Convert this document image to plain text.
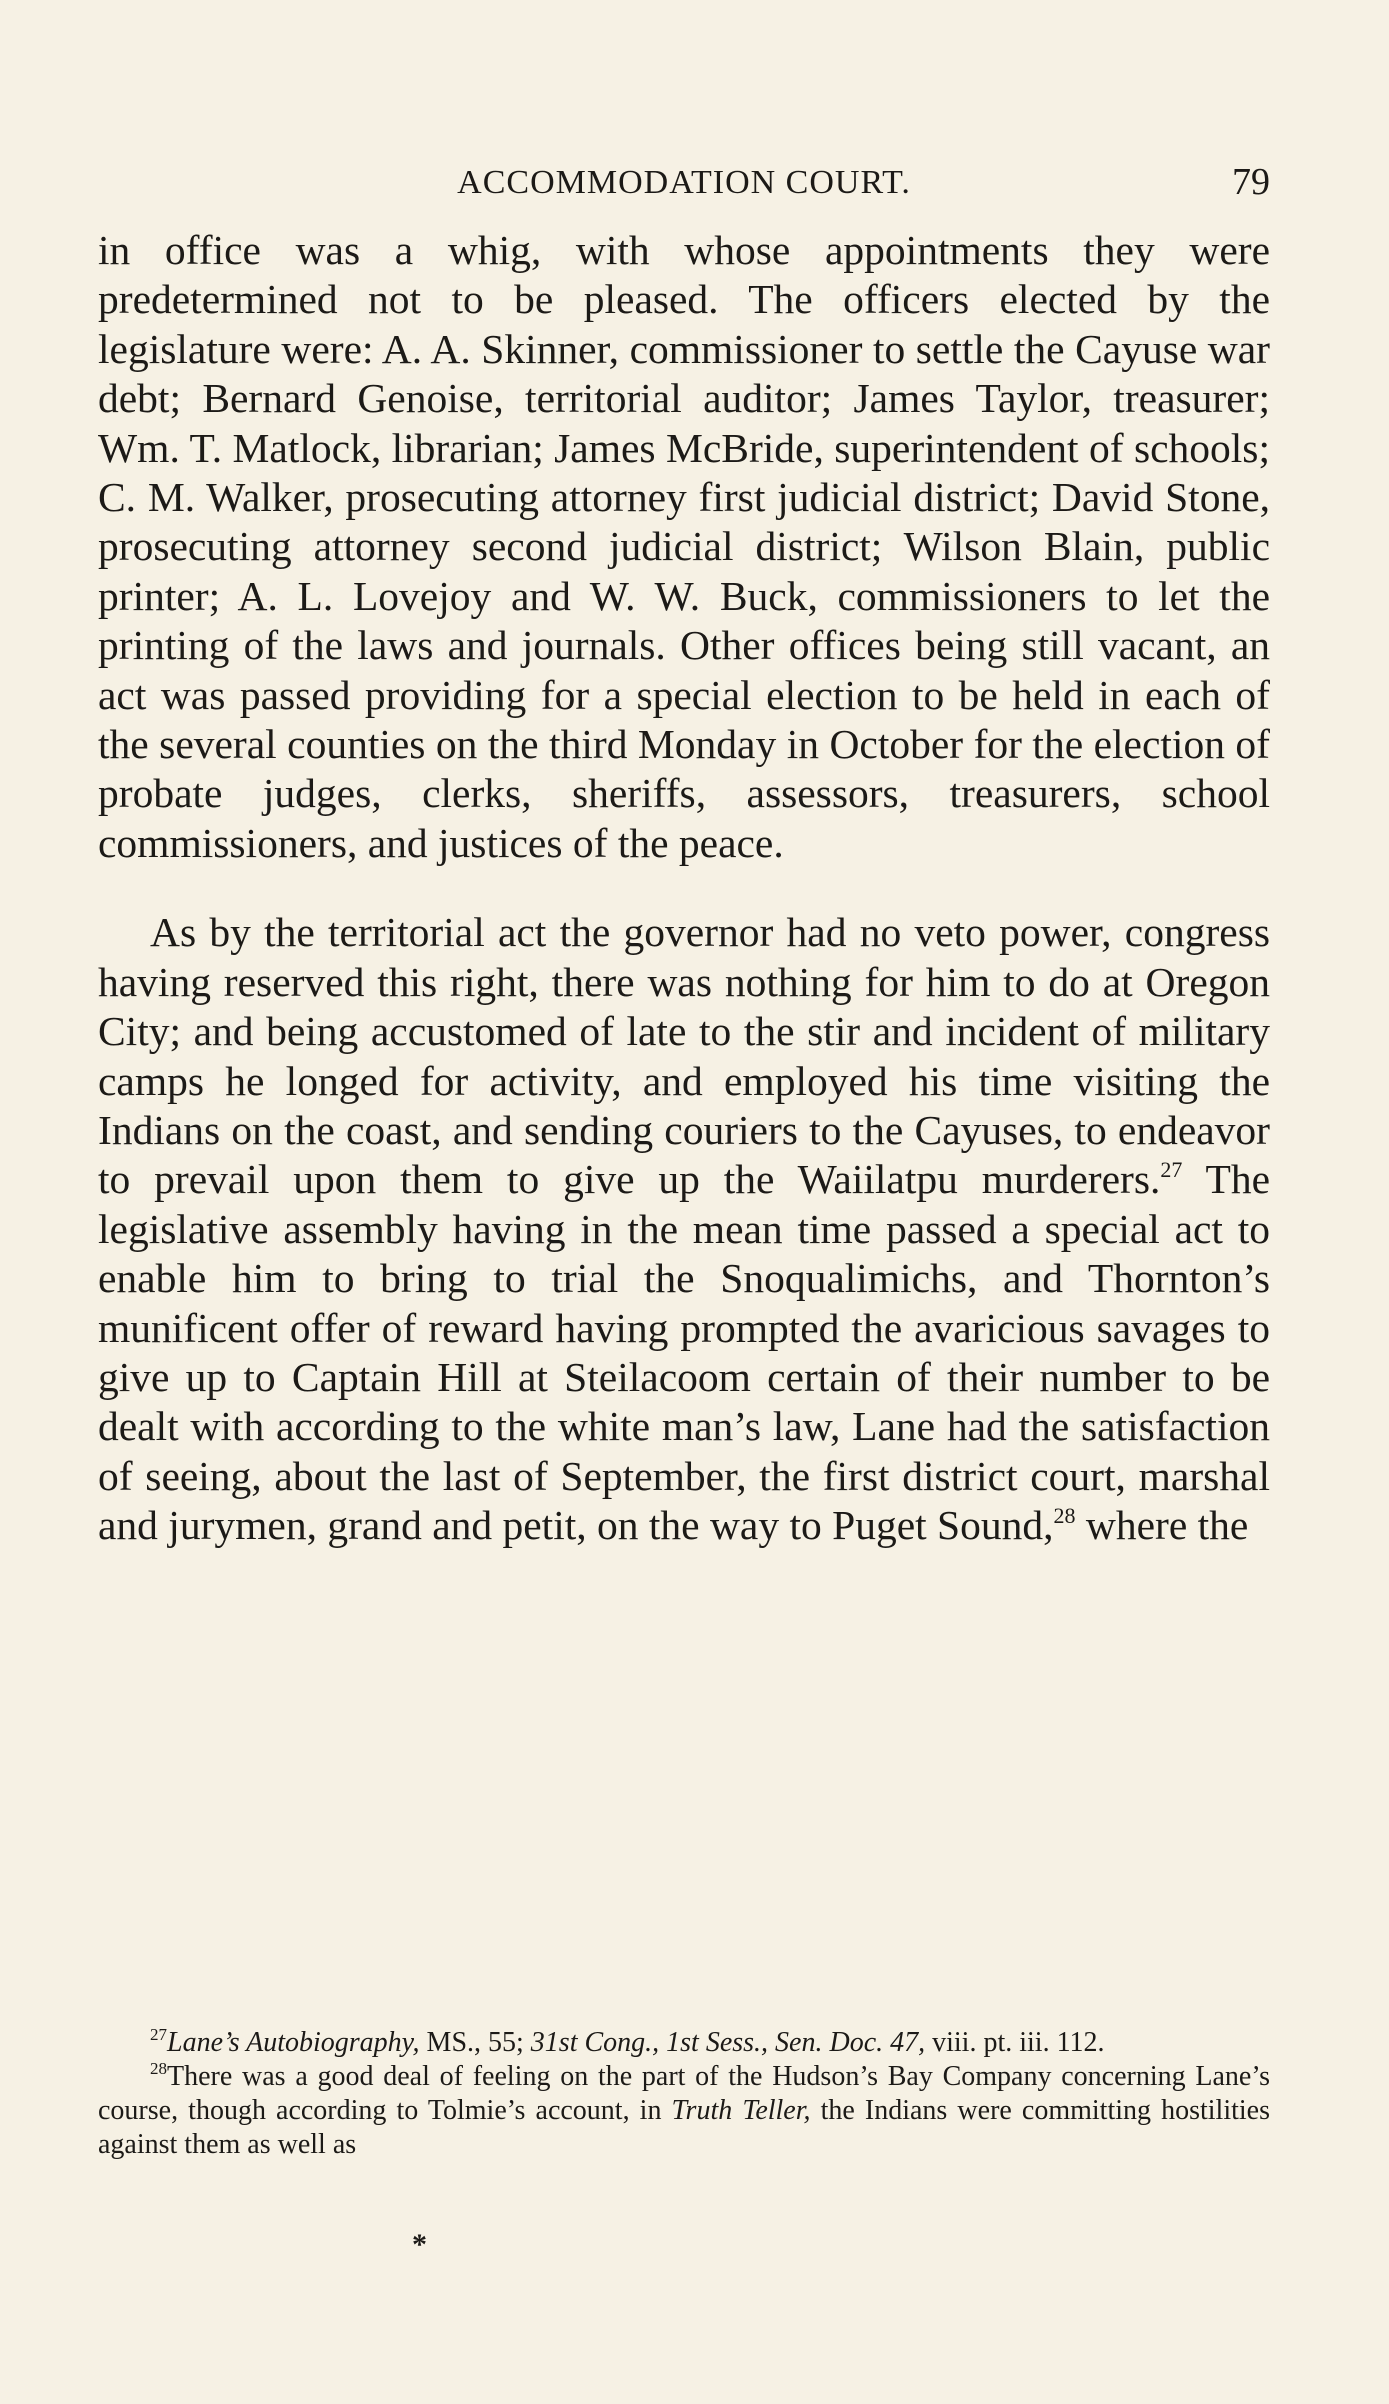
ACCOMMODATION COURT.	79

in office was a whig, with whose appointments they were predetermined not to be pleased. The officers elected by the legislature were: A. A. Skinner, commissioner to settle the Cayuse war debt; Bernard Genoise, territorial auditor; James Taylor, treasurer; Wm. T. Matlock, librarian; James McBride, superintendent of schools; C. M. Walker, prosecuting attorney first judicial district; David Stone, prosecuting attorney second judicial district; Wilson Blain, public printer; A. L. Lovejoy and W. W. Buck, commissioners to let the printing of the laws and journals. Other offices being still vacant, an act was passed providing for a special election to be held in each of the several counties on the third Monday in October for the election of probate judges, clerks, sheriffs, assessors, treasurers, school commissioners, and justices of the peace.

As by the territorial act the governor had no veto power, congress having reserved this right, there was nothing for him to do at Oregon City; and being accustomed of late to the stir and incident of military camps he longed for activity, and employed his time visiting the Indians on the coast, and sending couriers to the Cayuses, to endeavor to prevail upon them to give up the Waiilatpu murderers.$^{27}$ The legislative assembly having in the mean time passed a special act to enable him to bring to trial the Snoqualimichs, and Thornton’s munificent offer of reward having prompted the avaricious savages to give up to Captain Hill at Steilacoom certain of their number to be dealt with according to the white man’s law, Lane had the satisfaction of seeing, about the last of September, the first district court, marshal and jurymen, grand and petit, on the way to Puget Sound,$^{28}$ where the

$^{27}$Lane’s Autobiography, MS., 55; 31st Cong., 1st Sess., Sen. Doc. 47, viii. pt. iii. 112.

$^{28}$There was a good deal of feeling on the part of the Hudson’s Bay Company concerning Lane’s course, though according to Tolmie’s account, in Truth Teller, the Indians were committing hostilities against them as well as

*
